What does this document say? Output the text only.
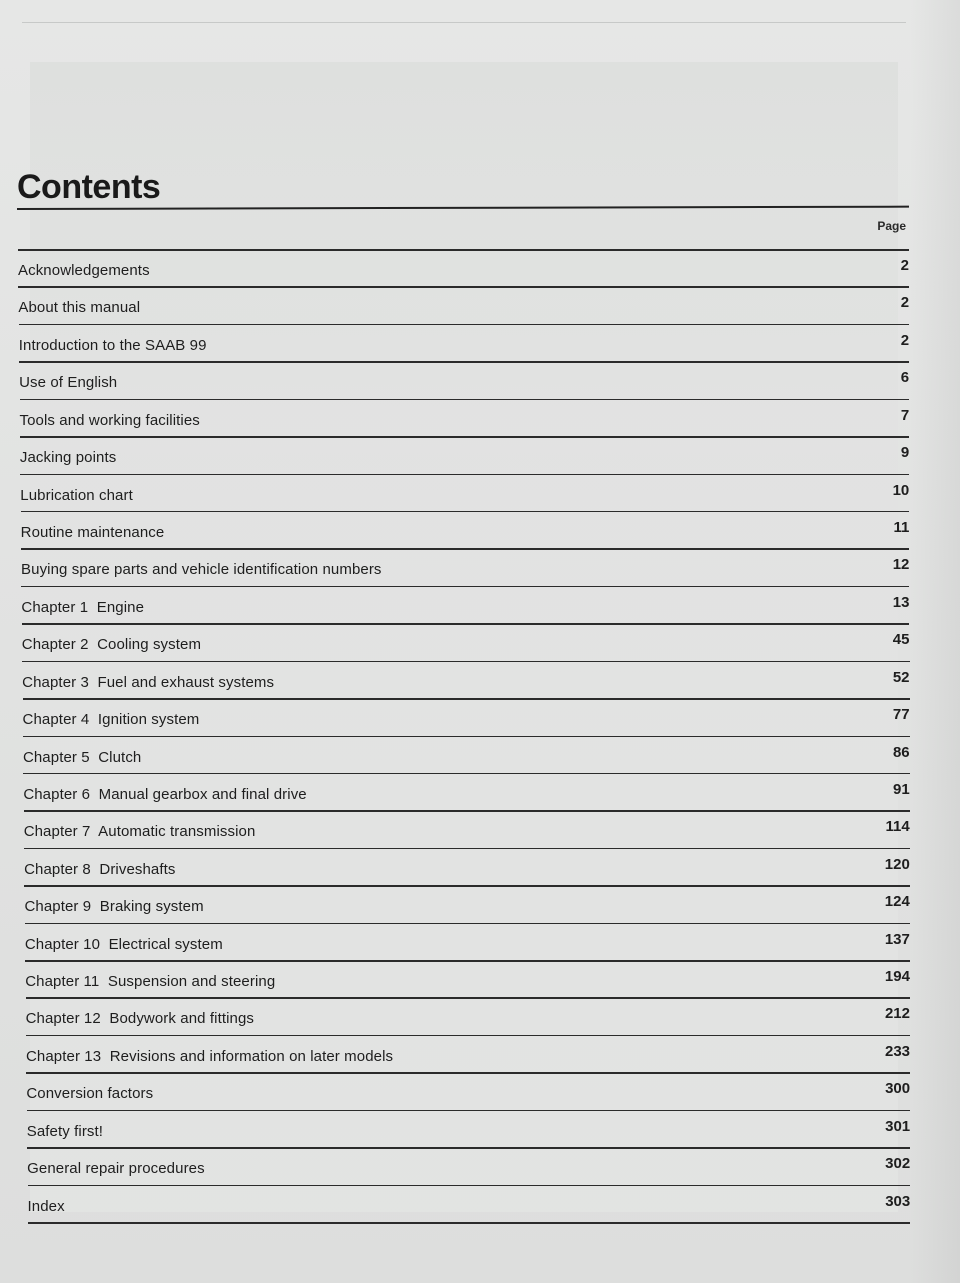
Contents
Page
Acknowledgements	2
About this manual	2
Introduction to the SAAB 99	2
Use of English	6
Tools and working facilities	7
Jacking points	9
Lubrication chart	10
Routine maintenance	11
Buying spare parts and vehicle identification numbers	12
Chapter 1  Engine	13
Chapter 2  Cooling system	45
Chapter 3  Fuel and exhaust systems	52
Chapter 4  Ignition system	77
Chapter 5  Clutch	86
Chapter 6  Manual gearbox and final drive	91
Chapter 7  Automatic transmission	114
Chapter 8  Driveshafts	120
Chapter 9  Braking system	124
Chapter 10  Electrical system	137
Chapter 11  Suspension and steering	194
Chapter 12  Bodywork and fittings	212
Chapter 13  Revisions and information on later models	233
Conversion factors	300
Safety first!	301
General repair procedures	302
Index	303
